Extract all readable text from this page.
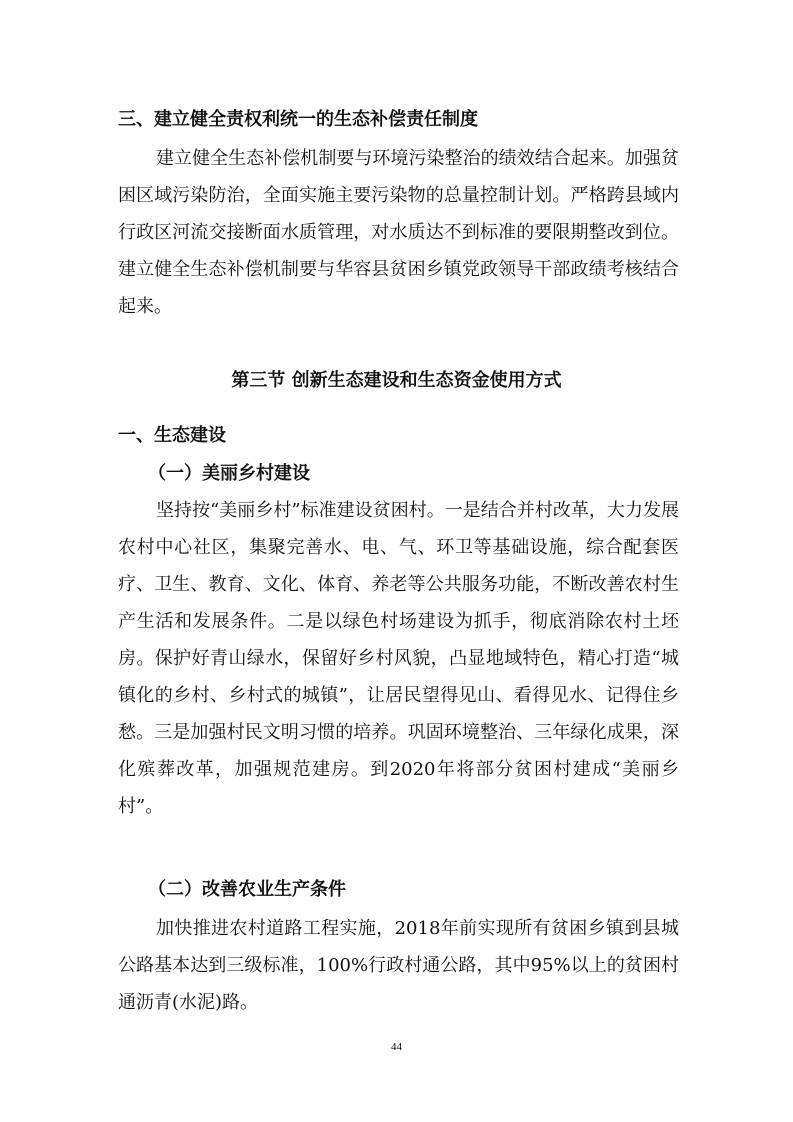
三、建立健全责权利统一的生态补偿责任制度

建立健全生态补偿机制要与环境污染整治的绩效结合起来。加强贫困区域污染防治，全面实施主要污染物的总量控制计划。严格跨县域内行政区河流交接断面水质管理，对水质达不到标准的要限期整改到位。建立健全生态补偿机制要与华容县贫困乡镇党政领导干部政绩考核结合起来。

第三节 创新生态建设和生态资金使用方式
一、生态建设
（一）美丽乡村建设

坚持按“美丽乡村”标准建设贫困村。一是结合并村改革，大力发展农村中心社区，集聚完善水、电、气、环卫等基础设施，综合配套医疗、卫生、教育、文化、体育、养老等公共服务功能，不断改善农村生产生活和发展条件。二是以绿色村场建设为抓手，彻底消除农村土坯房。保护好青山绿水，保留好乡村风貌，凸显地域特色，精心打造“城镇化的乡村、乡村式的城镇”，让居民望得见山、看得见水、记得住乡愁。三是加强村民文明习惯的培养。巩固环境整治、三年绿化成果，深化殡葬改革，加强规范建房。到2020年将部分贫困村建成“美丽乡村”。

（二）改善农业生产条件

加快推进农村道路工程实施，2018年前实现所有贫困乡镇到县城公路基本达到三级标准，100%行政村通公路，其中95%以上的贫困村通沥青(水泥)路。

44
